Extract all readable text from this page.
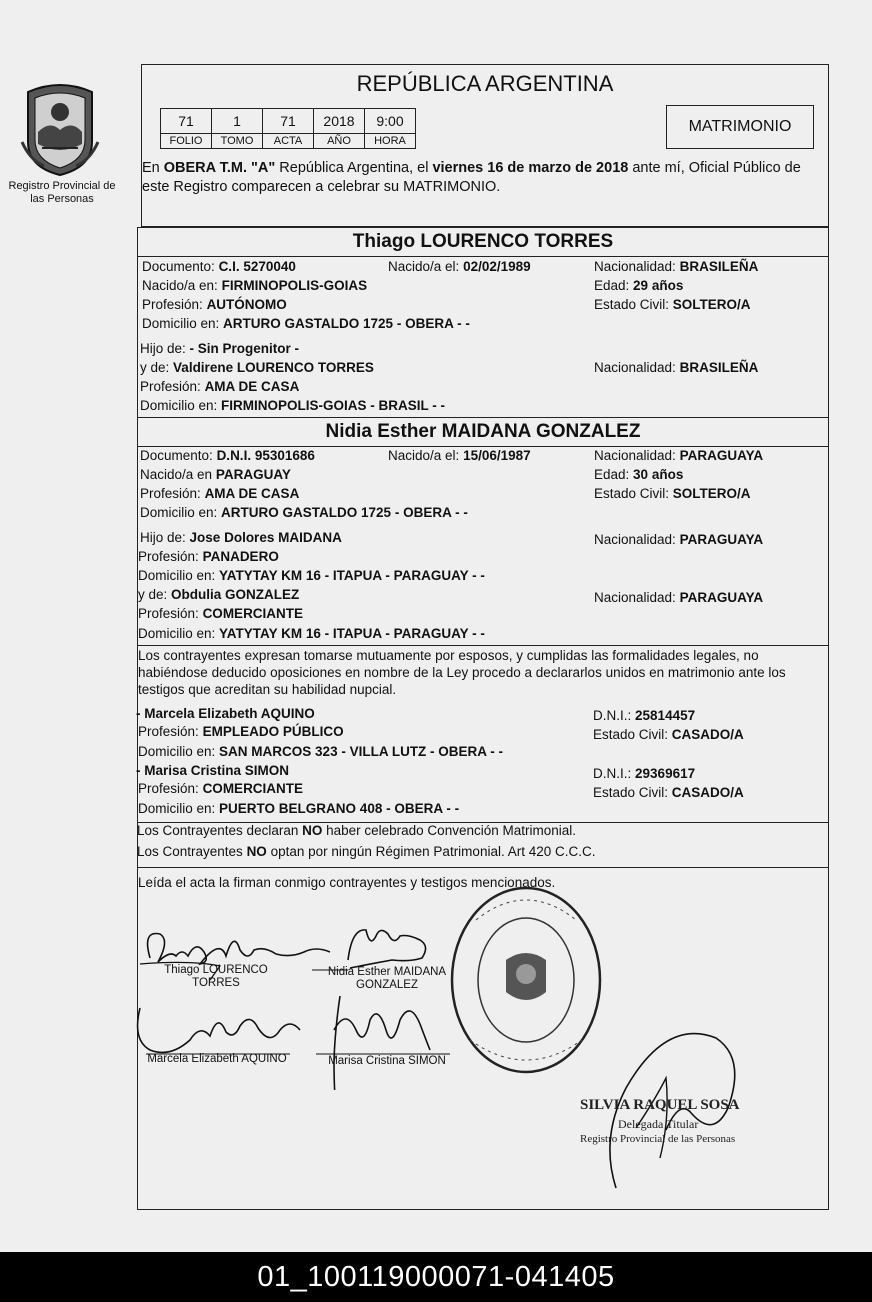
Registro Provincial de las Personas
REPÚBLICA ARGENTINA
71	1	71	2018	9:00
FOLIO	TOMO	ACTA	AÑO	HORA
MATRIMONIO
En OBERA T.M. "A" República Argentina, el viernes 16 de marzo de 2018 ante mí, Oficial Público de este Registro comparecen a celebrar su MATRIMONIO.
Thiago LOURENCO TORRES
Documento: C.I. 5270040	Nacido/a el: 02/02/1989	Nacionalidad: BRASILEÑA
Nacido/a en: FIRMINOPOLIS-GOIAS	Edad: 29 años
Profesión: AUTÓNOMO	Estado Civil: SOLTERO/A
Domicilio en: ARTURO GASTALDO 1725 - OBERA - -
Hijo de: - Sin Progenitor -
y de: Valdirene LOURENCO TORRES	Nacionalidad: BRASILEÑA
Profesión: AMA DE CASA
Domicilio en: FIRMINOPOLIS-GOIAS - BRASIL - -
Nidia Esther MAIDANA GONZALEZ
Documento: D.N.I. 95301686	Nacido/a el: 15/06/1987	Nacionalidad: PARAGUAYA
Nacido/a en PARAGUAY	Edad: 30 años
Profesión: AMA DE CASA	Estado Civil: SOLTERO/A
Domicilio en: ARTURO GASTALDO 1725 - OBERA - -
Hijo de: Jose Dolores MAIDANA	Nacionalidad: PARAGUAYA
Profesión: PANADERO
Domicilio en: YATYTAY KM 16 - ITAPUA - PARAGUAY - -
y de: Obdulia GONZALEZ	Nacionalidad: PARAGUAYA
Profesión: COMERCIANTE
Domicilio en: YATYTAY KM 16 - ITAPUA - PARAGUAY - -
Los contrayentes expresan tomarse mutuamente por esposos, y cumplidas las formalidades legales, no habiéndose deducido oposiciones en nombre de la Ley procedo a declararlos unidos en matrimonio ante los testigos que acreditan su habilidad nupcial.
- Marcela Elizabeth AQUINO	D.N.I.: 25814457
Profesión: EMPLEADO PÚBLICO	Estado Civil: CASADO/A
Domicilio en: SAN MARCOS 323 - VILLA LUTZ - OBERA - -
- Marisa Cristina SIMON	D.N.I.: 29369617
Profesión: COMERCIANTE	Estado Civil: CASADO/A
Domicilio en: PUERTO BELGRANO 408 - OBERA - -
Los Contrayentes declaran NO haber celebrado Convención Matrimonial.
Los Contrayentes NO optan por ningún Régimen Patrimonial. Art 420 C.C.C.
Leída el acta la firman conmigo contrayentes y testigos mencionados.
Thiago LOURENCO
TORRES
Nidia Esther MAIDANA
GONZALEZ
Marcela Elizabeth AQUINO	Marisa Cristina SIMON
SILVIA RAQUEL SOSA
Delegada Titular
Registro Provincial de las Personas
01_100119000071-041405
